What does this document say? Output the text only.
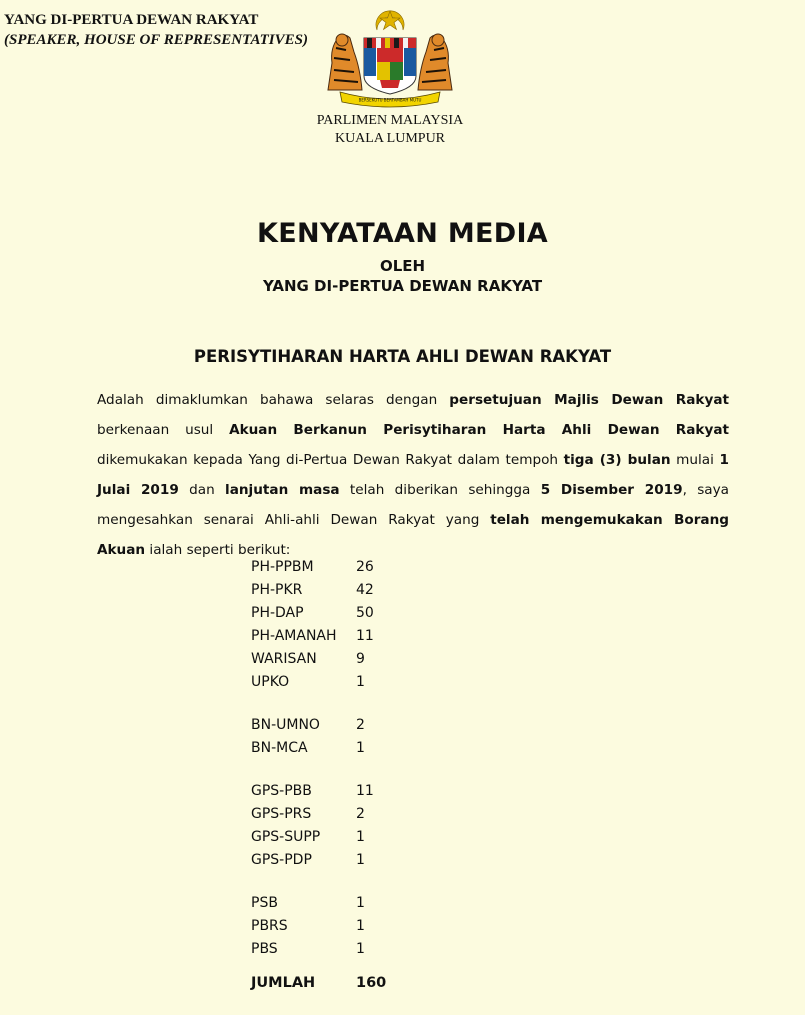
YANG DI-PERTUA DEWAN RAKYAT
(SPEAKER, HOUSE OF REPRESENTATIVES)
BERSEKUTU BERTAMBAH MUTU
PARLIMEN MALAYSIA
KUALA LUMPUR
KENYATAAN MEDIA
OLEH
YANG DI-PERTUA DEWAN RAKYAT
PERISYTIHARAN HARTA AHLI DEWAN RAKYAT
Adalah dimaklumkan bahawa selaras dengan persetujuan Majlis Dewan Rakyat berkenaan usul Akuan Berkanun Perisytiharan Harta Ahli Dewan Rakyat dikemukakan kepada Yang di-Pertua Dewan Rakyat dalam tempoh tiga (3) bulan mulai 1 Julai 2019 dan lanjutan masa telah diberikan sehingga 5 Disember 2019, saya mengesahkan senarai Ahli-ahli Dewan Rakyat yang telah mengemukakan Borang Akuan ialah seperti berikut:
PH-PPBM	26
PH-PKR	42
PH-DAP	50
PH-AMANAH	11
WARISAN	9
UPKO	1
BN-UMNO	2
BN-MCA	1
GPS-PBB	11
GPS-PRS	2
GPS-SUPP	1
GPS-PDP	1
PSB	1
PBRS	1
PBS	1
JUMLAH	160
